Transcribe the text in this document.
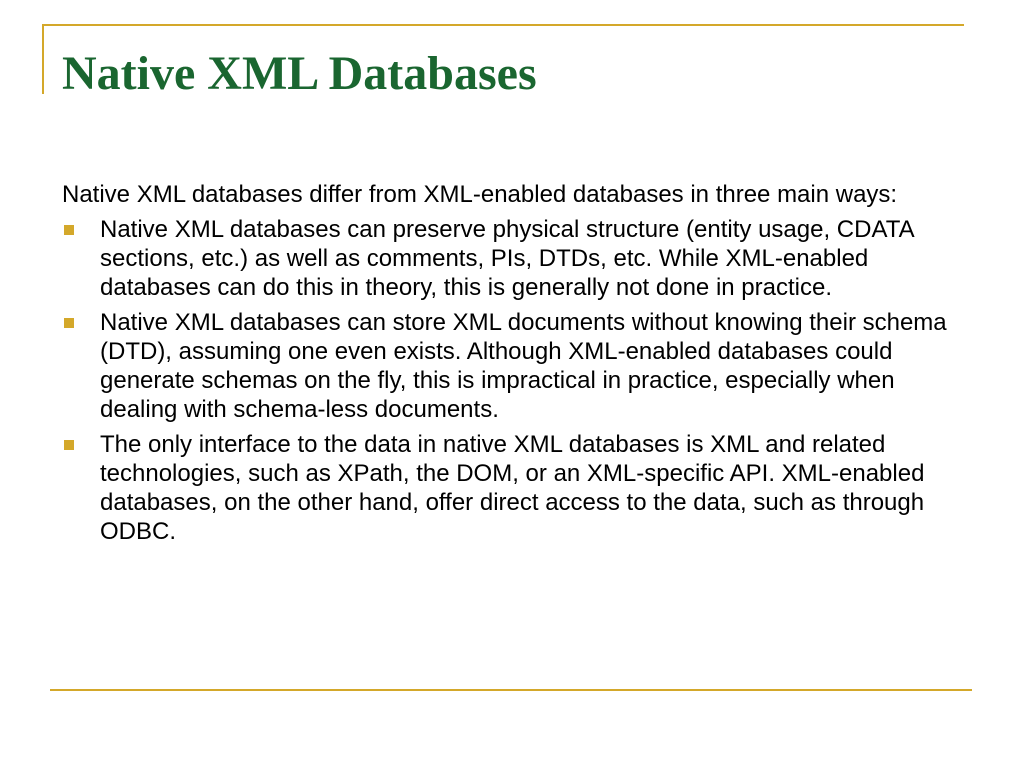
Native XML Databases

Native XML databases differ from XML-enabled databases in three main ways:

Native XML databases can preserve physical structure (entity usage, CDATA sections, etc.) as well as comments, PIs, DTDs, etc. While XML-enabled databases can do this in theory, this is generally not done in practice.
Native XML databases can store XML documents without knowing their schema (DTD), assuming one even exists. Although XML-enabled databases could generate schemas on the fly, this is impractical in practice, especially when dealing with schema-less documents.
The only interface to the data in native XML databases is XML and related technologies, such as XPath, the DOM, or an XML-specific API. XML-enabled databases, on the other hand, offer direct access to the data, such as through ODBC.
